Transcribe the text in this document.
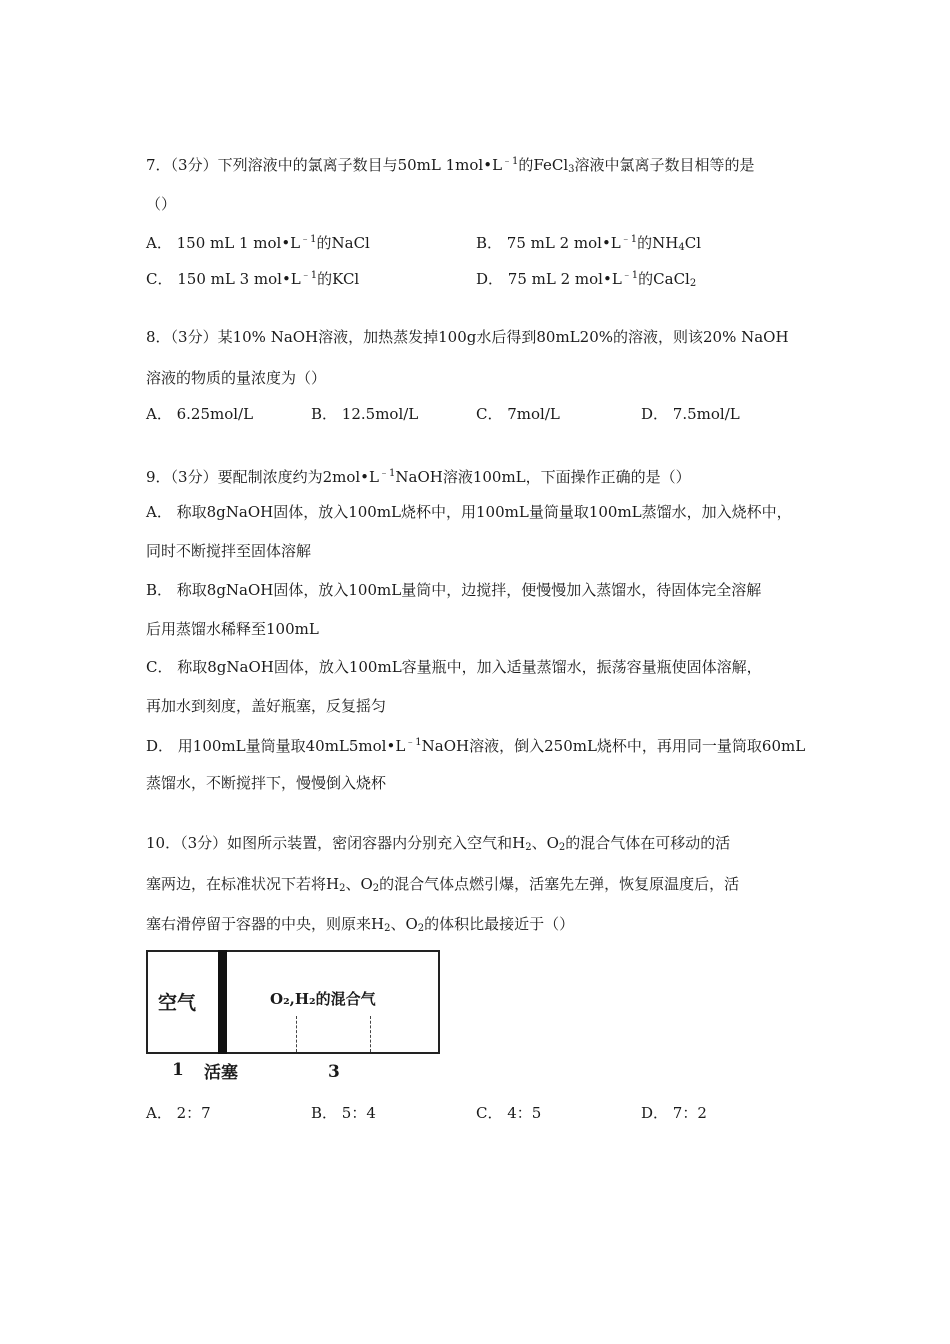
7．（3分）下列溶液中的氯离子数目与50mL $1mol•L^{﹣1}$的FeCl$_3$溶液中氯离子数目相等的是
（）
A． 150 mL 1 $mol•L^{﹣1}$的NaCl	B． 75 mL 2 $mol•L^{﹣1}$的$NH_4Cl$
C． 150 mL 3 $mol•L^{﹣1}$的KCl	D． 75 mL 2 $mol•L^{﹣1}$的CaCl$_2$
8．（3分）某10% NaOH溶液，加热蒸发掉100g水后得到80mL20%的溶液，则该20% NaOH
溶液的物质的量浓度为（）
A． 6.25mol/L	B． 12.5mol/L	C． 7mol/L	D． 7.5mol/L
9．（3分）要配制浓度约为$2mol•L^{﹣1}NaOH$溶液100mL，下面操作正确的是（）
A． 称取8gNaOH固体，放入100mL烧杯中，用100mL量筒量取100mL蒸馏水，加入烧杯中，
同时不断搅拌至固体溶解
B． 称取8gNaOH固体，放入100mL量筒中，边搅拌，便慢慢加入蒸馏水，待固体完全溶解
后用蒸馏水稀释至100mL
C． 称取8gNaOH固体，放入100mL容量瓶中，加入适量蒸馏水，振荡容量瓶使固体溶解，
再加水到刻度，盖好瓶塞，反复摇匀
D． 用100mL量筒量取$40mL5mol•L^{﹣1}NaOH$溶液，倒入250mL烧杯中，再用同一量筒取60mL
蒸馏水，不断搅拌下，慢慢倒入烧杯
10．（3分）如图所示装置，密闭容器内分别充入空气和$H_2$、$O_2$的混合气体在可移动的活
塞两边，在标准状况下若将$H_2$、$O_2$的混合气体点燃引爆，活塞先左弹，恢复原温度后，活
塞右滑停留于容器的中央，则原来$H_2$、$O_2$的体积比最接近于（）
空气	O₂,H₂的混合气
1 活塞	3
A． 2：7	B． 5：4	C． 4：5	D． 7：2
